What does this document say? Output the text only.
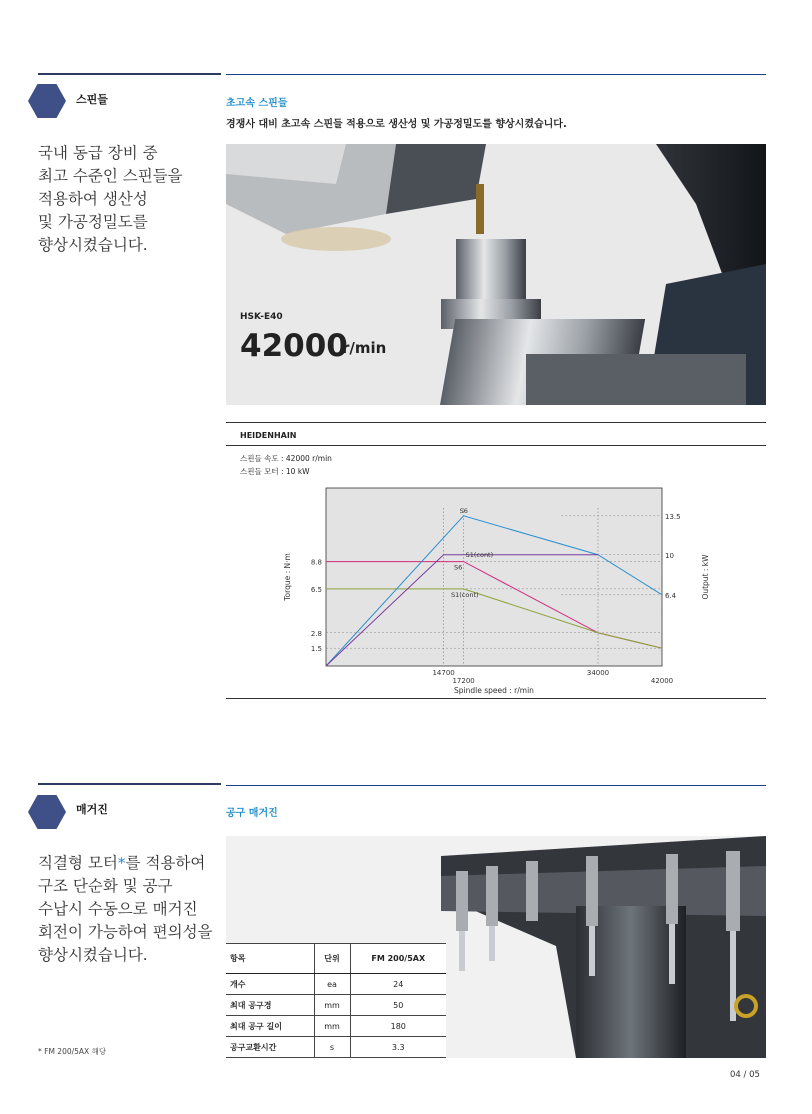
스핀들
국내 동급 장비 중
최고 수준인 스핀들을
적용하여 생산성
및 가공정밀도를
향상시켰습니다.
초고속 스핀들
경쟁사 대비 초고속 스핀들 적용으로 생산성 및 가공정밀도를 향상시켰습니다.
HSK-E40
42000
r/min
HEIDENHAIN
스핀들 속도 : 42000 r/min
스핀들 모터 : 10 kW
1.5
2.8
6.5
8.8
13.5
10
6.4
14700
17200
34000
42000
S6
S1(cont)
S6
S1(cont)
Spindle speed : r/min
Torque : N·m	Output : kW
매거진
직결형 모터*를 적용하여
구조 단순화 및 공구
수납시 수동으로 매거진
회전이 가능하여 편의성을
향상시켰습니다.
* FM 200/5AX 해당
공구 매거진
항목	단위	FM 200/5AX
개수	ea	24
최대 공구경	mm	50
최대 공구 길이	mm	180
공구교환시간	s	3.3
04 / 05
